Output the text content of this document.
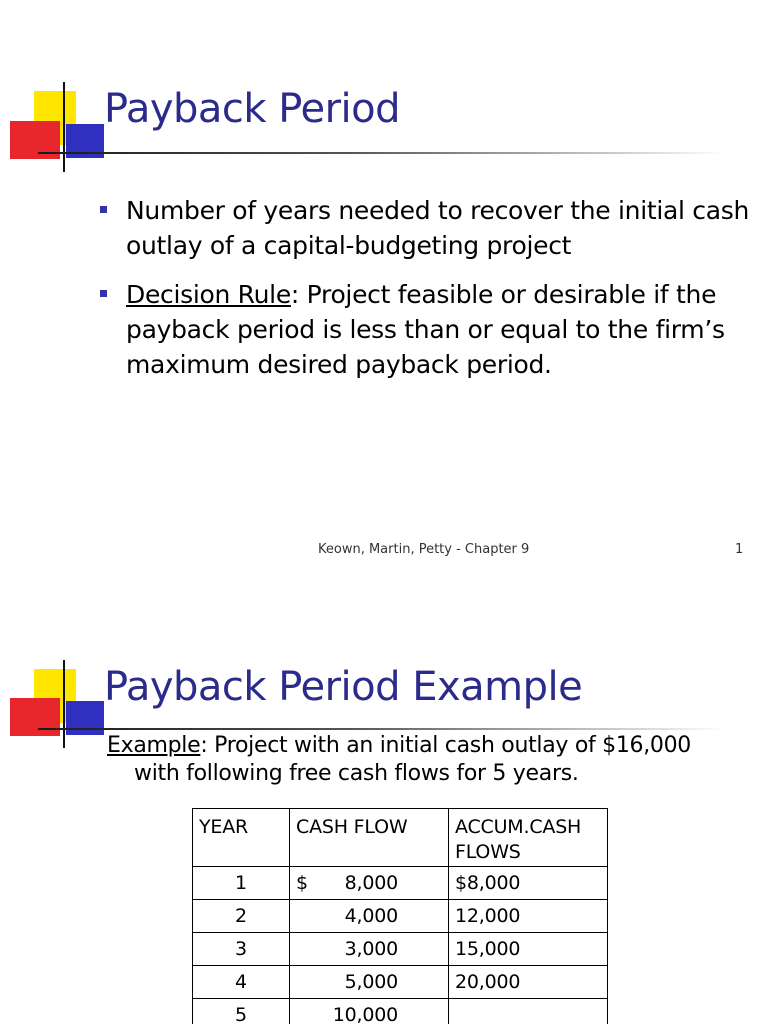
Payback Period
Number of years needed to recover the initial cash outlay of a capital-budgeting project
Decision Rule: Project feasible or desirable if the payback period is less than or equal to the firm’s maximum desired payback period.
Keown, Martin, Petty - Chapter 9	1
Payback Period Example
Example: Project with an initial cash outlay of $16,000
with following free cash flows for 5 years.
YEAR	CASH FLOW	ACCUM.CASH FLOWS
1	$ 8,000	$8,000
2	4,000	12,000
3	3,000	15,000
4	5,000	20,000
5	10,000	
